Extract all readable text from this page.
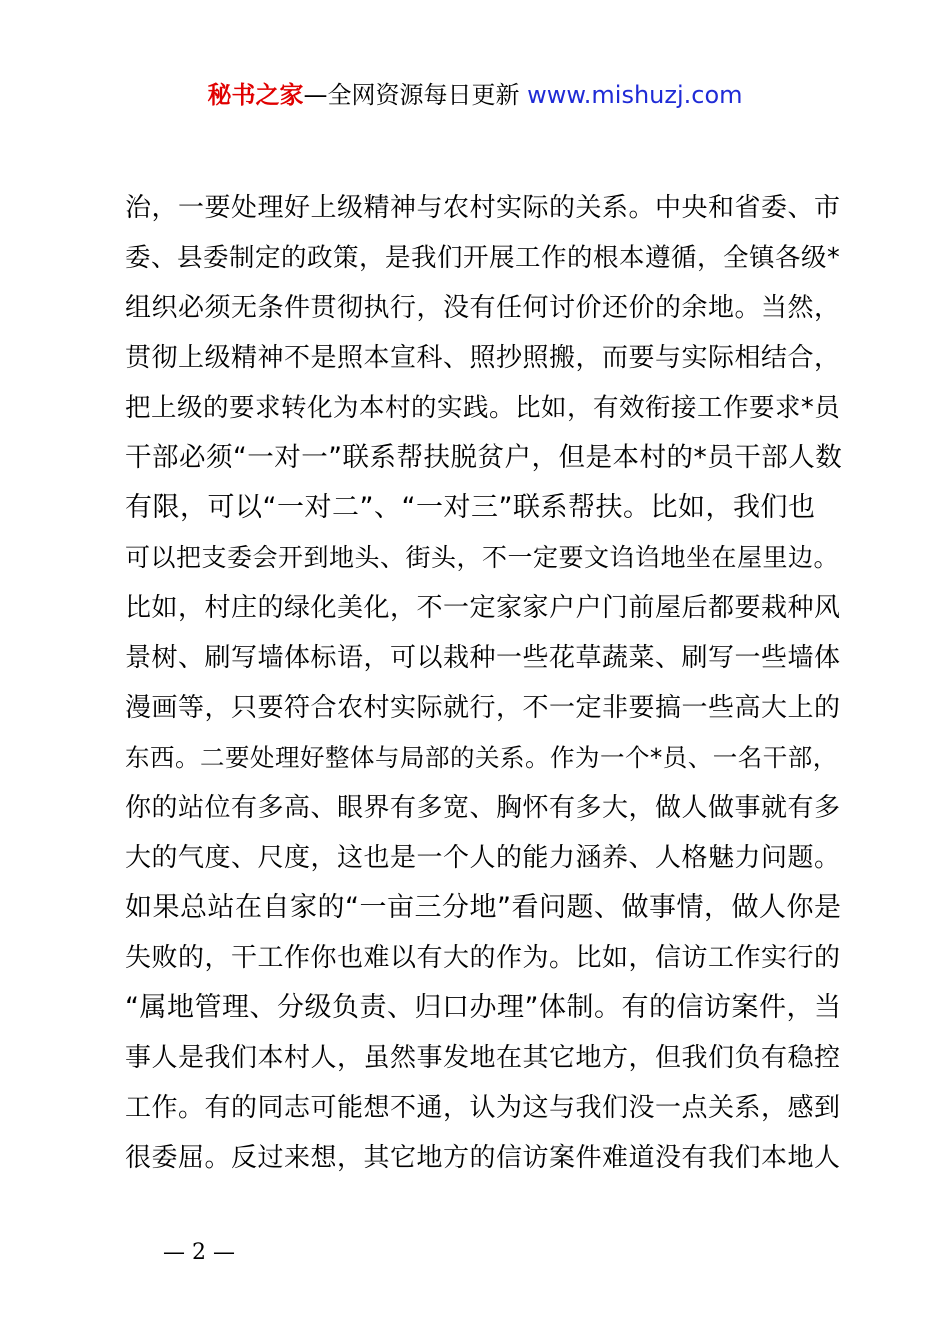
秘书之家—全网资源每日更新 www.mishuzj.com
治，一要处理好上级精神与农村实际的关系。中央和省委、市
委、县委制定的政策，是我们开展工作的根本遵循，全镇各级*
组织必须无条件贯彻执行，没有任何讨价还价的余地。当然，
贯彻上级精神不是照本宣科、照抄照搬，而要与实际相结合，
把上级的要求转化为本村的实践。比如，有效衔接工作要求*员
干部必须“一对一”联系帮扶脱贫户，但是本村的*员干部人数
有限，可以“一对二”、“一对三”联系帮扶。比如，我们也
可以把支委会开到地头、街头，不一定要文诌诌地坐在屋里边。
比如，村庄的绿化美化，不一定家家户户门前屋后都要栽种风
景树、刷写墙体标语，可以栽种一些花草蔬菜、刷写一些墙体
漫画等，只要符合农村实际就行，不一定非要搞一些高大上的
东西。二要处理好整体与局部的关系。作为一个*员、一名干部，
你的站位有多高、眼界有多宽、胸怀有多大，做人做事就有多
大的气度、尺度，这也是一个人的能力涵养、人格魅力问题。
如果总站在自家的“一亩三分地”看问题、做事情，做人你是
失败的，干工作你也难以有大的作为。比如，信访工作实行的
“属地管理、分级负责、归口办理”体制。有的信访案件，当
事人是我们本村人，虽然事发地在其它地方，但我们负有稳控
工作。有的同志可能想不通，认为这与我们没一点关系，感到
很委屈。反过来想，其它地方的信访案件难道没有我们本地人
— 2 —
